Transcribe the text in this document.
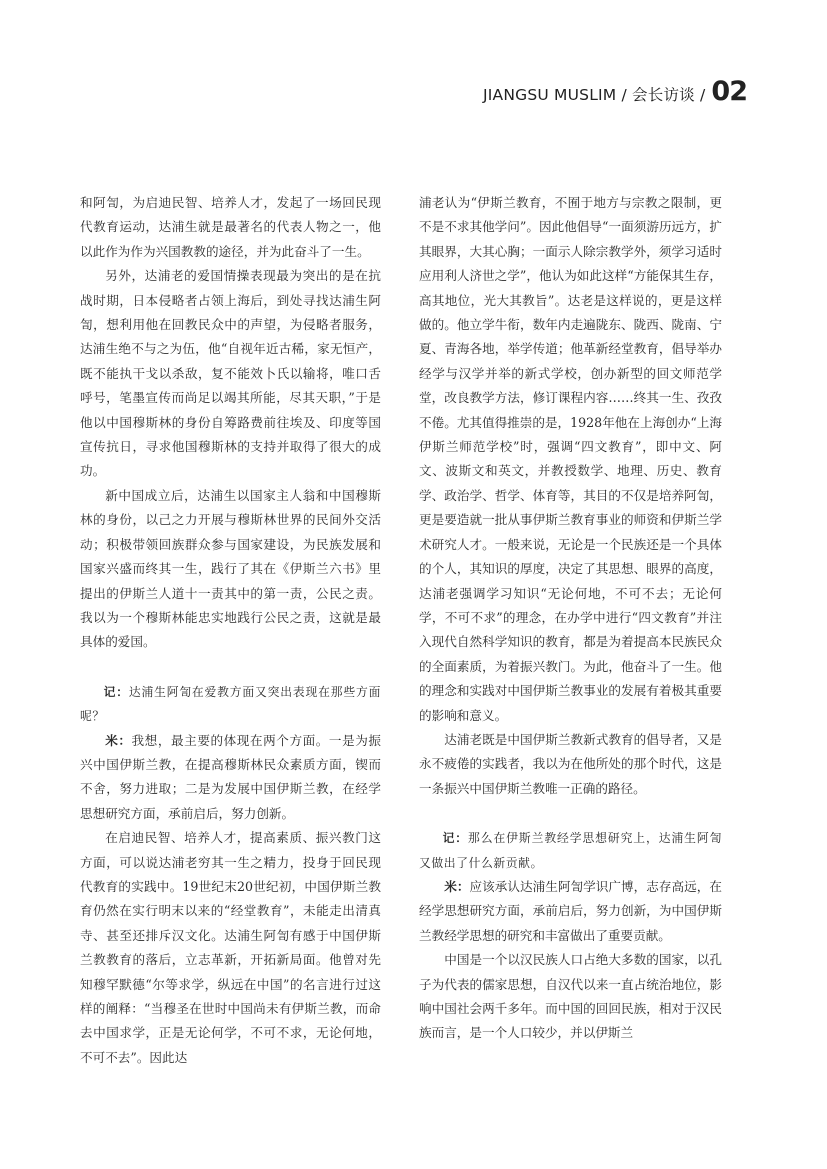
JIANGSU MUSLIM / 会长访谈 / 02

和阿訇，为启迪民智、培养人才，发起了一场回民现代教育运动，达浦生就是最著名的代表人物之一，他以此作为作为兴国教教的途径，并为此奋斗了一生。

另外，达浦老的爱国情操表现最为突出的是在抗战时期，日本侵略者占领上海后，到处寻找达浦生阿訇，想利用他在回教民众中的声望，为侵略者服务，达浦生绝不与之为伍，他“自视年近古稀，家无恒产，既不能执干戈以杀敌，复不能效卜氏以输将，唯口舌呼号，笔墨宣传而尚足以竭其所能，尽其天职，”于是他以中国穆斯林的身份自筹路费前往埃及、印度等国宣传抗日，寻求他国穆斯林的支持并取得了很大的成功。

新中国成立后，达浦生以国家主人翁和中国穆斯林的身份，以己之力开展与穆斯林世界的民间外交活动；积极带领回族群众参与国家建设，为民族发展和国家兴盛而终其一生，践行了其在《伊斯兰六书》里提出的伊斯兰人道十一责其中的第一责，公民之责。我以为一个穆斯林能忠实地践行公民之责，这就是最具体的爱国。

记：达浦生阿訇在爱教方面又突出表现在那些方面呢？

米：我想，最主要的体现在两个方面。一是为振兴中国伊斯兰教，在提高穆斯林民众素质方面，锲而不舍，努力进取；二是为发展中国伊斯兰教，在经学思想研究方面，承前启后，努力创新。

在启迪民智、培养人才，提高素质、振兴教门这方面，可以说达浦老穷其一生之精力，投身于回民现代教育的实践中。19世纪末20世纪初，中国伊斯兰教育仍然在实行明末以来的“经堂教育”，未能走出清真寺、甚至还排斥汉文化。达浦生阿訇有感于中国伊斯兰教教育的落后，立志革新，开拓新局面。他曾对先知穆罕默德“尔等求学，纵远在中国”的名言进行过这样的阐释：“当穆圣在世时中国尚未有伊斯兰教，而命去中国求学，正是无论何学，不可不求，无论何地，不可不去”。因此达

浦老认为“伊斯兰教育，不囿于地方与宗教之限制，更不是不求其他学问”。因此他倡导“一面须游历远方，扩其眼界，大其心胸；一面示人除宗教学外，须学习适时应用利人济世之学”，他认为如此这样“方能保其生存，高其地位，光大其教旨”。达老是这样说的，更是这样做的。他立学牛衔，数年内走遍陇东、陇西、陇南、宁夏、青海各地，举学传道；他革新经堂教育，倡导举办经学与汉学并举的新式学校，创办新型的回文师范学堂，改良教学方法，修订课程内容……终其一生、孜孜不倦。尤其值得推崇的是，1928年他在上海创办“上海伊斯兰师范学校”时，强调“四文教育”，即中文、阿文、波斯文和英文，并教授数学、地理、历史、教育学、政治学、哲学、体育等，其目的不仅是培养阿訇，更是要造就一批从事伊斯兰教育事业的师资和伊斯兰学术研究人才。一般来说，无论是一个民族还是一个具体的个人，其知识的厚度，决定了其思想、眼界的高度，达浦老强调学习知识“无论何地，不可不去；无论何学，不可不求”的理念，在办学中进行“四文教育”并注入现代自然科学知识的教育，都是为着提高本民族民众的全面素质，为着振兴教门。为此，他奋斗了一生。他的理念和实践对中国伊斯兰教事业的发展有着极其重要的影响和意义。

达浦老既是中国伊斯兰教新式教育的倡导者，又是永不疲倦的实践者，我以为在他所处的那个时代，这是一条振兴中国伊斯兰教唯一正确的路径。

记：那么在伊斯兰教经学思想研究上，达浦生阿訇又做出了什么新贡献。

米：应该承认达浦生阿訇学识广博，志存高远，在经学思想研究方面，承前启后，努力创新，为中国伊斯兰教经学思想的研究和丰富做出了重要贡献。

中国是一个以汉民族人口占绝大多数的国家，以孔子为代表的儒家思想，自汉代以来一直占统治地位，影响中国社会两千多年。而中国的回回民族，相对于汉民族而言，是一个人口较少，并以伊斯兰
